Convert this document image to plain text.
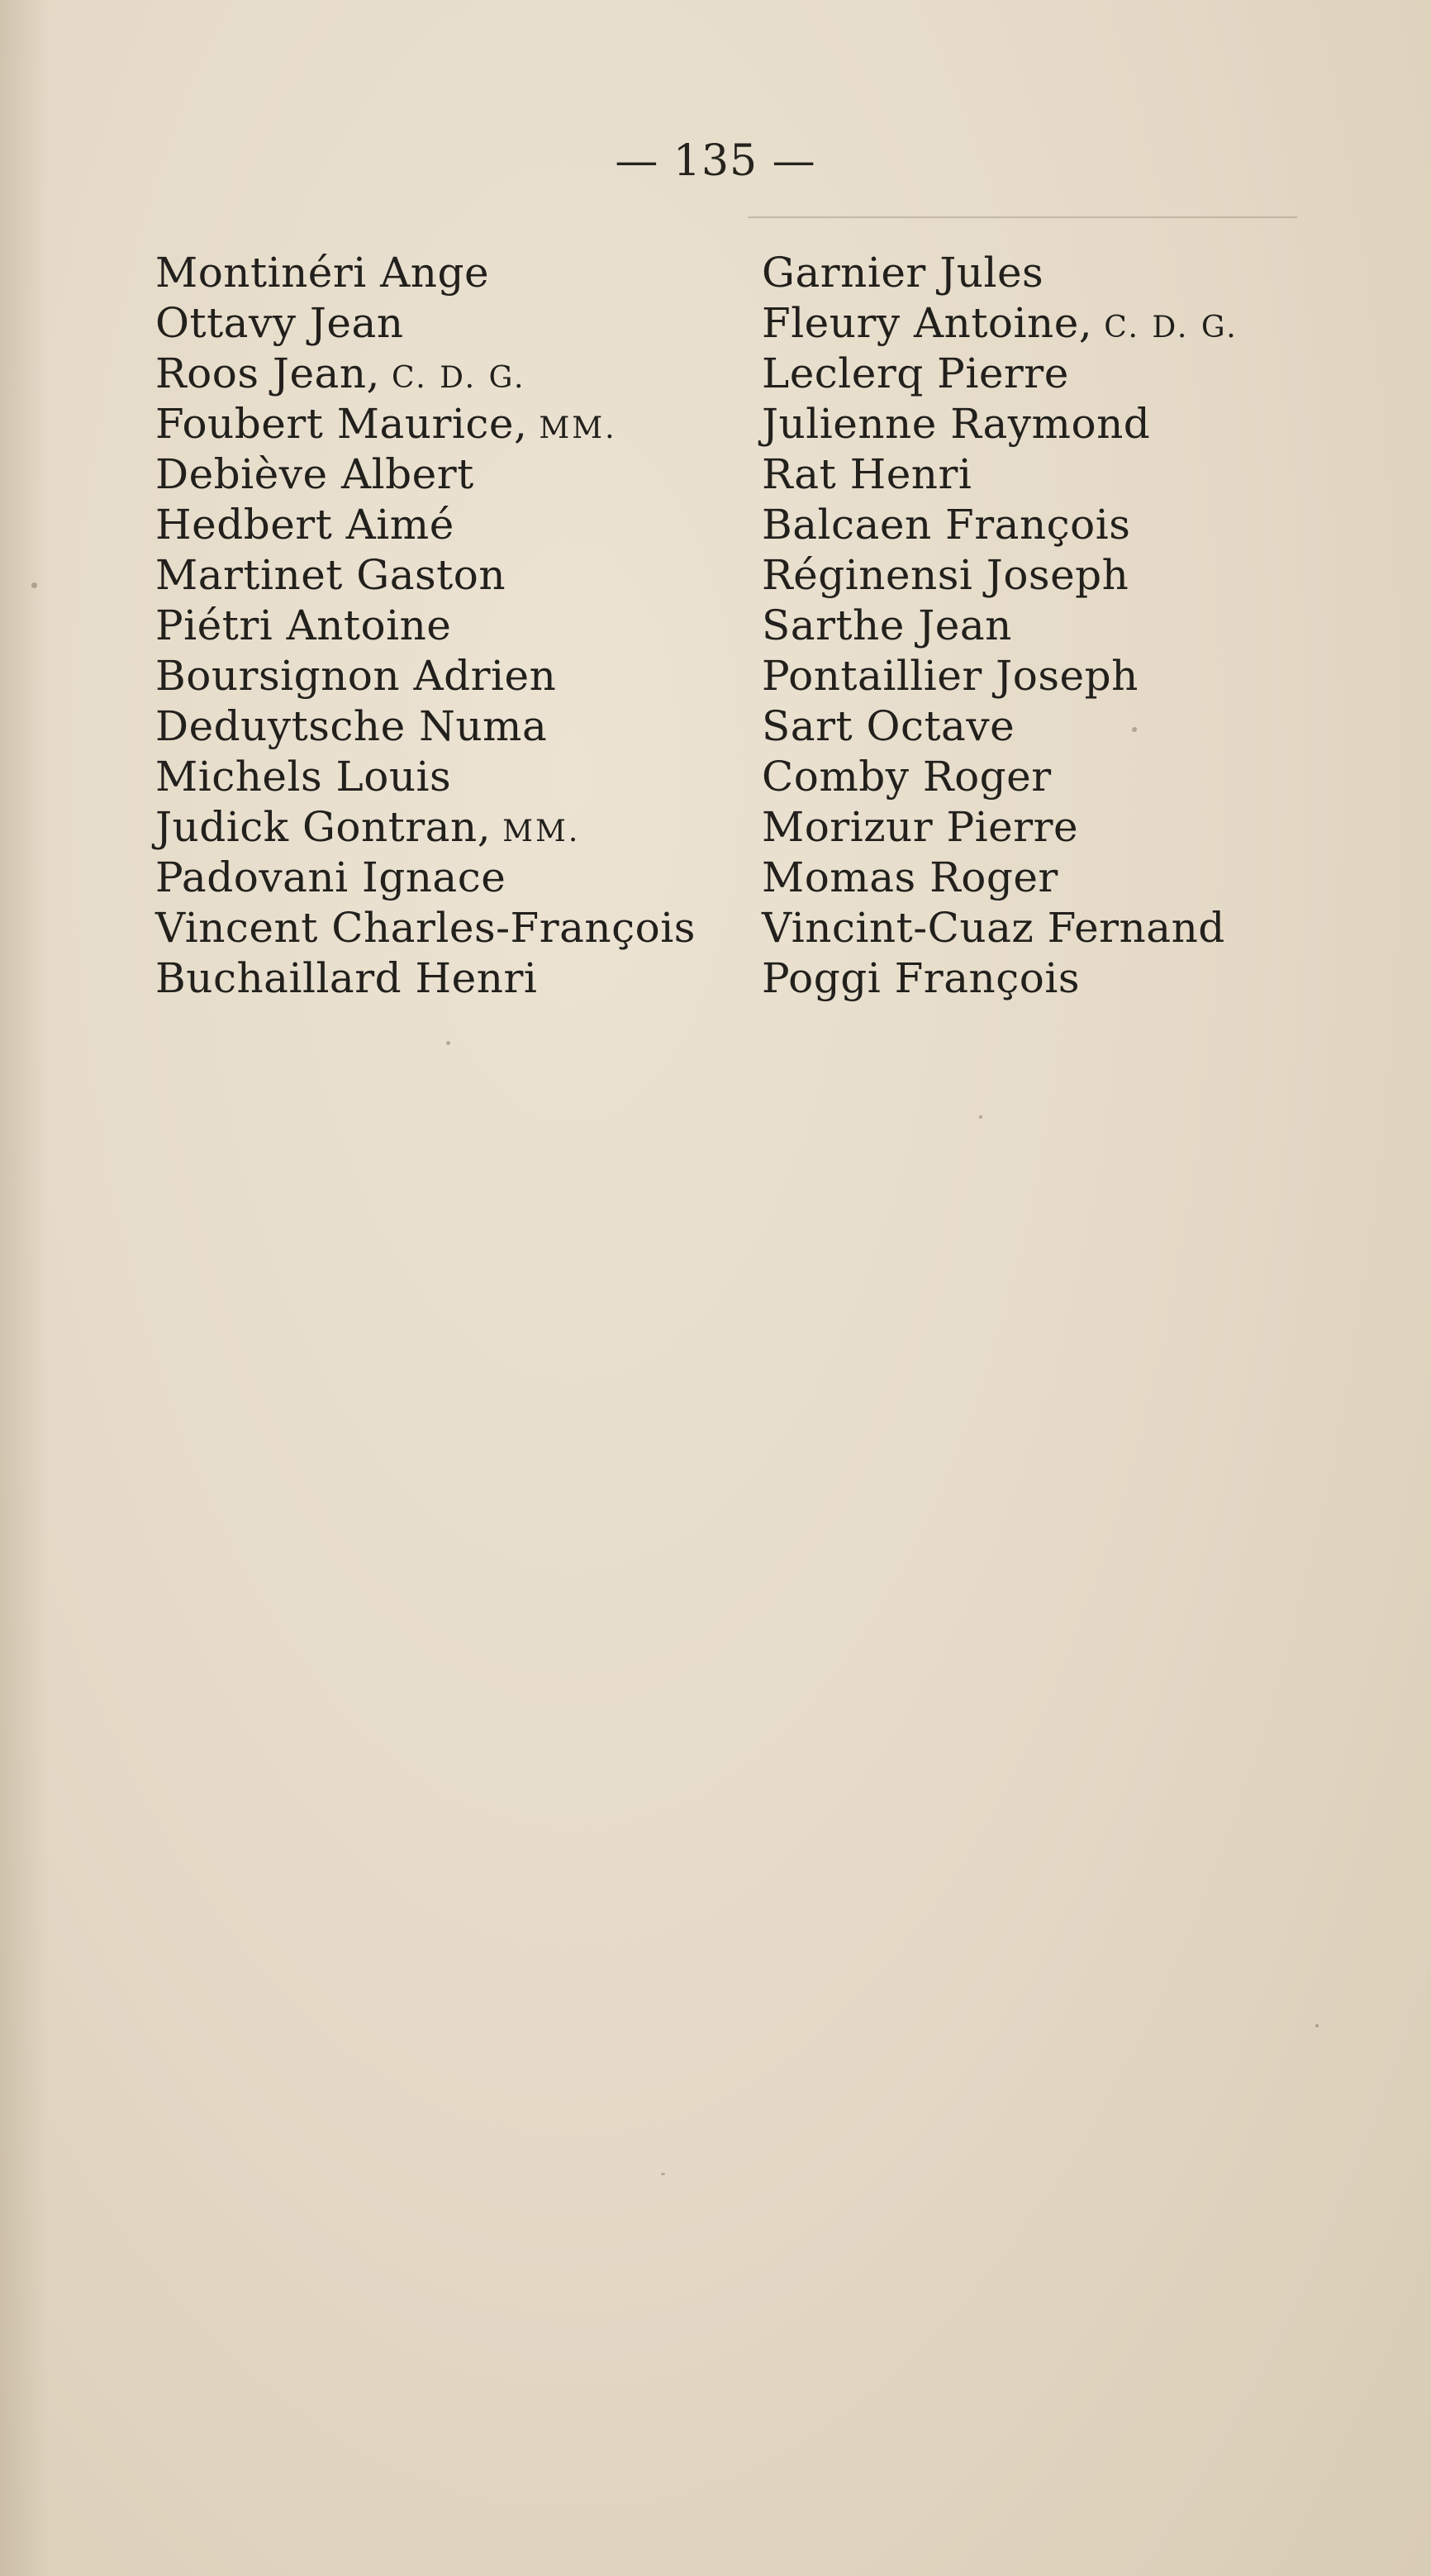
— 135 —
Montinéri Ange
Ottavy Jean
Roos Jean, C. D. G.
Foubert Maurice, MM.
Debiève Albert
Hedbert Aimé
Martinet Gaston
Piétri Antoine
Boursignon Adrien
Deduytsche Numa
Michels Louis
Judick Gontran, MM.
Padovani Ignace
Vincent Charles-François
Buchaillard Henri
Garnier Jules
Fleury Antoine, C. D. G.
Leclerq Pierre
Julienne Raymond
Rat Henri
Balcaen François
Réginensi Joseph
Sarthe Jean
Pontaillier Joseph
Sart Octave
Comby Roger
Morizur Pierre
Momas Roger
Vincint-Cuaz Fernand
Poggi François
